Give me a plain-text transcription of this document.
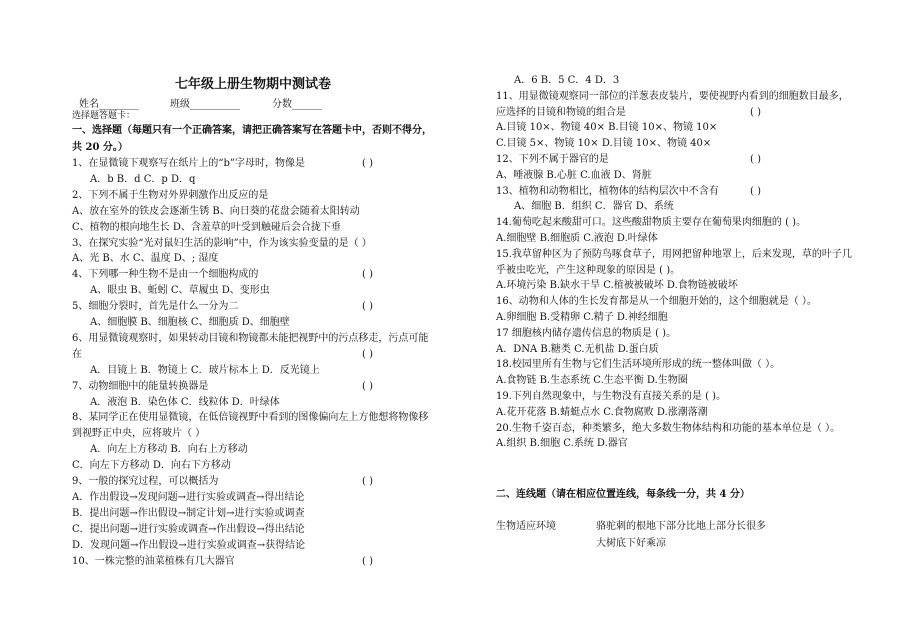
七年级上册生物期中测试卷
姓名________	班级__________	分数______
选择题答题卡：
一、选择题（每题只有一个正确答案，请把正确答案写在答题卡中，否则不得分，
共 20 分。）
1、在显微镜下观察写在纸片上的“b”字母时，物像是	( )
A．b B．d C．p D．q
2、下列不属于生物对外界刺激作出反应的是
A、放在室外的铁皮会逐渐生锈 B、向日葵的花盘会随着太阳转动
C、植物的根向地生长 D、含羞草的叶受到触碰后会合拢下垂
3、在探究实验“光对鼠妇生活的影响”中，作为该实验变量的是（ ）
A、光 B、水 C、温度 D、; 湿度
4、下列哪一种生物不是由一个细胞构成的	( )
A、眼虫 B、蚯蚓 C、草履虫 D、变形虫
5、细胞分裂时，首先是什么一分为二	( )
A、细胞膜 B、细胞核 C、细胞质 D、细胞壁
6、用显微镜观察时，如果转动目镜和物镜都未能把视野中的污点移走，污点可能
在	( )
A．目镜上 B．物镜上 C．玻片标本上 D．反光镜上
7、动物细胞中的能量转换器是	( )
A．液泡 B．染色体 C．线粒体 D．叶绿体
8、某同学正在使用显微镜，在低倍镜视野中看到的图像偏向左上方他想将物像移
到视野正中央，应将玻片（ ）
A．向左上方移动 B．向右上方移动
C．向左下方移动 D．向右下方移动
9、一般的探究过程，可以概括为	( )
A．作出假设→发现问题→进行实验或调查→得出结论
B．提出问题→作出假设→制定计划→进行实验或调查
C．提出问题→进行实验或调查→作出假设→得出结论
D．发现问题→作出假设→进行实验或调查→获得结论
10、一株完整的油菜植株有几大器官	( )
A．6 B．5 C．4 D．3
11、用显微镜观察同一部位的洋葱表皮装片，要使视野内看到的细胞数目最多，
应选择的目镜和物镜的组合是	( )
A.目镜 10×、物镜 40× B.目镜 10×、物镜 10×
C.目镜 5×、物镜 10× D.目镜 10×、物镜 40×
12、下列不属于器官的是	( )
A、唾液腺 B.心脏 C.血液 D、肾脏
13、植物和动物相比，植物体的结构层次中不含有	( )
A、细胞 B．组织 C．器官 D、系统
14.葡萄吃起来酸甜可口。这些酸甜物质主要存在葡萄果肉细胞的 ( )。
A.细胞壁 B.细胞质 C.液泡 D.叶绿体
15.我草留种区为了预防鸟啄食草子，用网把留种地罩上，后来发现，草的叶子几
乎被虫吃光，产生这种现象的原因是 ( )。
A.环境污染 B.缺水干旱 C.植被被破坏 D.食物链被破坏
16、动物和人体的生长发育都是从一个细胞开始的，这个细胞就是（ ）。
A.卵细胞 B.受精卵 C.精子 D.神经细胞
17 细胞核内储存遗传信息的物质是 ( )。
A．DNA B.糖类 C.无机盐 D.蛋白质
18.校园里所有生物与它们生活环境所形成的统一整体叫做（ ）。
A.食物链 B.生态系统 C.生态平衡 D.生物圈
19.下列自然现象中，与生物没有直接关系的是 ( )。
A.花开花落 B.蜻蜓点水 C.食物腐败 D.涨潮落潮
20.生物千姿百态，种类繁多，绝大多数生物体结构和功能的基本单位是（ ）。
A.组织 B.细胞 C.系统 D.器官
二、连线题（请在相应位置连线，每条线一分，共 4 分）
生物适应环境	骆驼刺的根地下部分比地上部分长很多
大树底下好乘凉
